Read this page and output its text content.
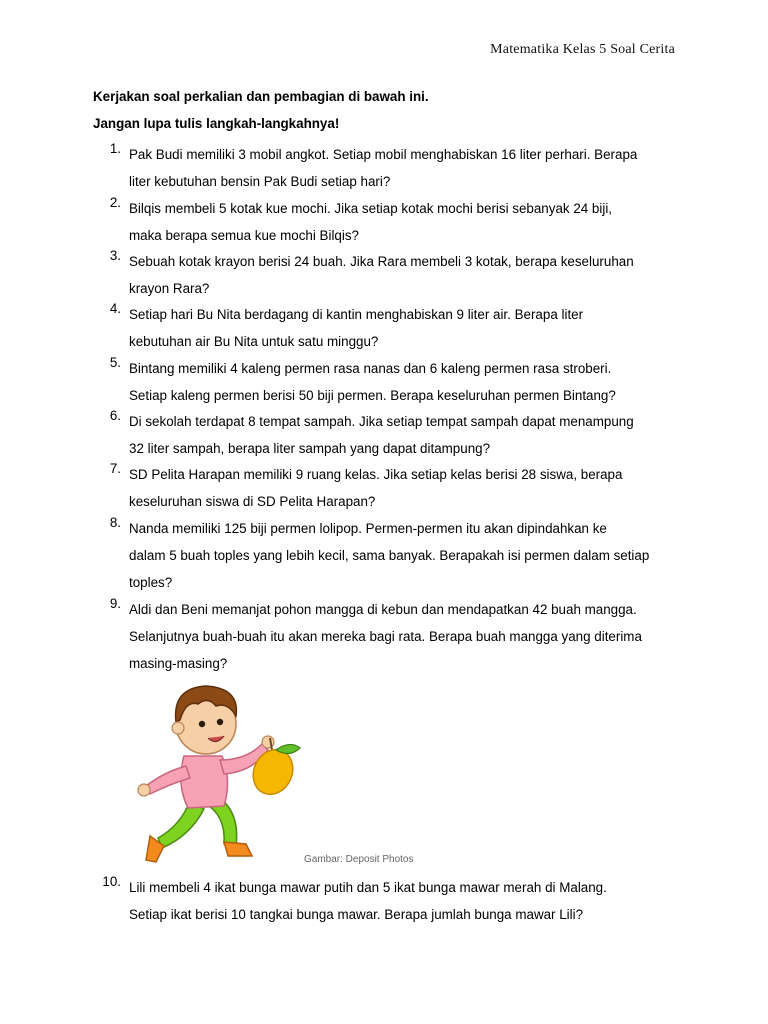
Matematika Kelas 5 Soal Cerita
Kerjakan soal perkalian dan pembagian di bawah ini.
Jangan lupa tulis langkah-langkahnya!
1. Pak Budi memiliki 3 mobil angkot. Setiap mobil menghabiskan 16 liter perhari. Berapa
liter kebutuhan bensin Pak Budi setiap hari?
2. Bilqis membeli 5 kotak kue mochi. Jika setiap kotak mochi berisi sebanyak 24 biji,
maka berapa semua kue mochi Bilqis?
3. Sebuah kotak krayon berisi 24 buah. Jika Rara membeli 3 kotak, berapa keseluruhan
krayon Rara?
4. Setiap hari Bu Nita berdagang di kantin menghabiskan 9 liter air. Berapa liter
kebutuhan air Bu Nita untuk satu minggu?
5. Bintang memiliki 4 kaleng permen rasa nanas dan 6 kaleng permen rasa stroberi.
Setiap kaleng permen berisi 50 biji permen. Berapa keseluruhan permen Bintang?
6. Di sekolah terdapat 8 tempat sampah. Jika setiap tempat sampah dapat menampung
32 liter sampah, berapa liter sampah yang dapat ditampung?
7. SD Pelita Harapan memiliki 9 ruang kelas. Jika setiap kelas berisi 28 siswa, berapa
keseluruhan siswa di SD Pelita Harapan?
8. Nanda memiliki 125 biji permen lolipop. Permen-permen itu akan dipindahkan ke
dalam 5 buah toples yang lebih kecil, sama banyak. Berapakah isi permen dalam setiap
toples?
9. Aldi dan Beni memanjat pohon mangga di kebun dan mendapatkan 42 buah mangga.
Selanjutnya buah-buah itu akan mereka bagi rata. Berapa buah mangga yang diterima
masing-masing?
Gambar: Deposit Photos
10. Lili membeli 4 ikat bunga mawar putih dan 5 ikat bunga mawar merah di Malang.
Setiap ikat berisi 10 tangkai bunga mawar. Berapa jumlah bunga mawar Lili?
